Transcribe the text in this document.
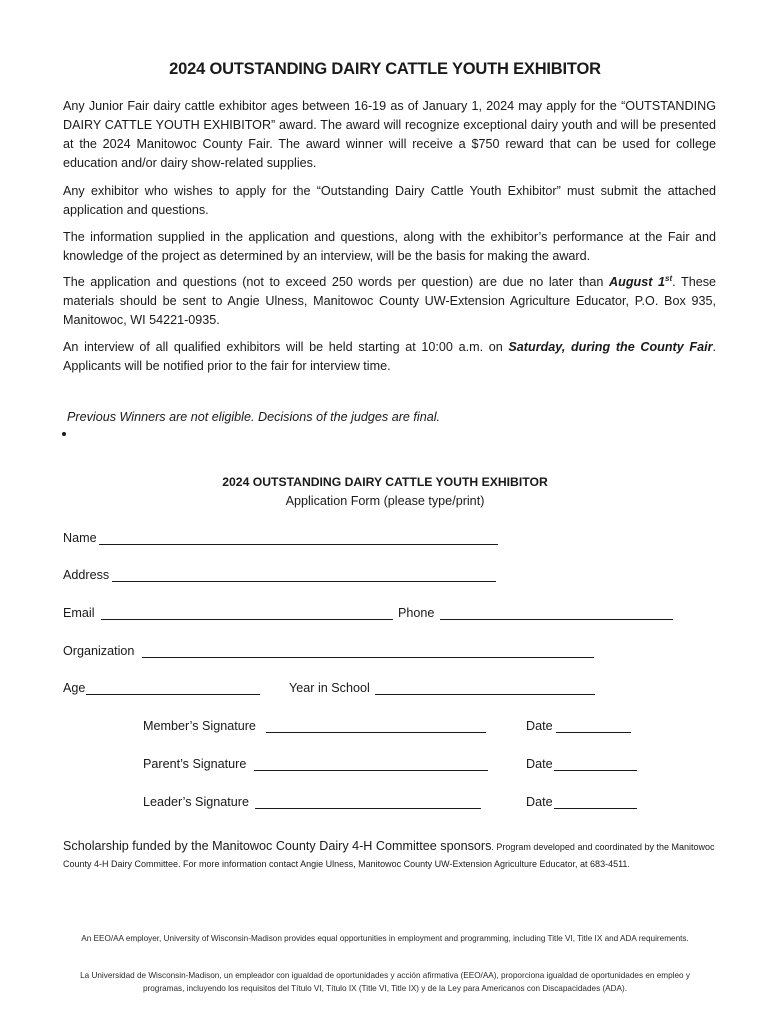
2024 OUTSTANDING DAIRY CATTLE YOUTH EXHIBITOR

Any Junior Fair dairy cattle exhibitor ages between 16-19 as of January 1, 2024 may apply for the “OUTSTANDING DAIRY CATTLE YOUTH EXHIBITOR” award. The award will recognize exceptional dairy youth and will be presented at the 2024 Manitowoc County Fair. The award winner will receive a $750 reward that can be used for college education and/or dairy show-related supplies.

Any exhibitor who wishes to apply for the “Outstanding Dairy Cattle Youth Exhibitor” must submit the attached application and questions.

The information supplied in the application and questions, along with the exhibitor’s performance at the Fair and knowledge of the project as determined by an interview, will be the basis for making the award.

The application and questions (not to exceed 250 words per question) are due no later than August 1st. These materials should be sent to Angie Ulness, Manitowoc County UW-Extension Agriculture Educator, P.O. Box 935, Manitowoc, WI 54221-0935.

An interview of all qualified exhibitors will be held starting at 10:00 a.m. on Saturday, during the County Fair. Applicants will be notified prior to the fair for interview time.

Previous Winners are not eligible. Decisions of the judges are final.

2024 OUTSTANDING DAIRY CATTLE YOUTH EXHIBITOR
Application Form (please type/print)
Name
Address
Email	Phone
Organization
Age	Year in School
Member’s Signature	Date
Parent’s Signature	Date
Leader’s Signature	Date

Scholarship funded by the Manitowoc County Dairy 4-H Committee sponsors. Program developed and coordinated by the Manitowoc County 4-H Dairy Committee. For more information contact Angie Ulness, Manitowoc County UW-Extension Agriculture Educator, at 683-4511.

An EEO/AA employer, University of Wisconsin-Madison provides equal opportunities in employment and programming, including Title VI, Title IX and ADA requirements.

La Universidad de Wisconsin-Madison, un empleador con igualdad de oportunidades y acción afirmativa (EEO/AA), proporciona igualdad de oportunidades en empleo y programas, incluyendo los requisitos del Título VI, Título IX (Title VI, Title IX) y de la Ley para Americanos con Discapacidades (ADA).
